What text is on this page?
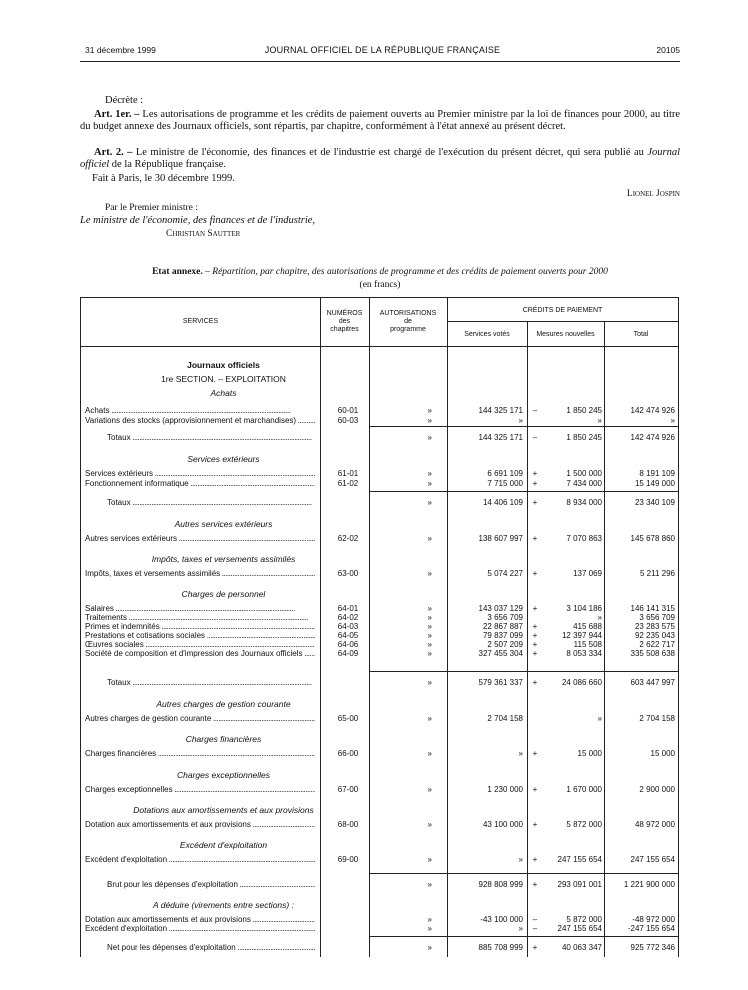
31 décembre 1999	JOURNAL OFFICIEL DE LA RÉPUBLIQUE FRANÇAISE	20105
Décrète :
Art. 1er. – Les autorisations de programme et les crédits de paiement ouverts au Premier ministre par la loi de finances pour 2000, au titre du budget annexe des Journaux officiels, sont répartis, par chapitre, conformément à l'état annexé au présent décret.
Art. 2. – Le ministre de l'économie, des finances et de l'industrie est chargé de l'exécution du présent décret, qui sera publié au Journal officiel de la République française.
Fait à Paris, le 30 décembre 1999.
Lionel Jospin
Par le Premier ministre :
Le ministre de l'économie, des finances et de l'industrie,
Christian Sautter
Etat annexe. – Répartition, par chapitre, des autorisations de programme et des crédits de paiement ouverts pour 2000
(en francs)
SERVICES
NUMÉROS
des
chapitres
AUTORISATIONS
de
programme
CRÉDITS DE PAIEMENT
Services votés	Mesures nouvelles	Total
Journaux officiels
1re SECTION. – EXPLOITATION
Achats
Services extérieurs
Autres services extérieurs
Impôts, taxes et versements assimilés
Charges de personnel
Autres charges de gestion courante
Charges financières
Charges exceptionnelles
Dotations aux amortissements et aux provisions
Excédent d'exploitation
A déduire (virements entre sections) :
Achats .....	60-01	»	144 325 171 –	1 850 245	142 474 926
Variations des stocks (approvisionnement et marchandises) .....	60-03	»	»	»	»
Totaux .....	»	144 325 171 –	1 850 245	142 474 926
Services extérieurs .....	61-01	»	6 691 109 +	1 500 000	8 191 109
Fonctionnement informatique .....	61-02	»	7 715 000 +	7 434 000	15 149 000
Totaux .....	»	14 406 109 +	8 934 000	23 340 109
Autres services extérieurs .....	62-02	»	138 607 997 +	7 070 863	145 678 860
Impôts, taxes et versements assimilés .....	63-00	»	5 074 227 +	137 069	5 211 296
Salaires .....	64-01	»	143 037 129 +	3 104 186	146 141 315
Traitements .....	64-02	»	3 656 709	»	3 656 709
Primes et indemnités .....	64-03	»	22 867 887 +	415 688	23 283 575
Prestations et cotisations sociales .....	64-05	»	79 837 099 +	12 397 944	92 235 043
Œuvres sociales .....	64-06	»	2 507 209 +	115 508	2 622 717
Société de composition et d'impression des Journaux officiels .....	64-09	»	327 455 304 +	8 053 334	335 508 638
Totaux .....	»	579 361 337 +	24 086 660	603 447 997
Autres charges de gestion courante .....	65-00	»	2 704 158	»	2 704 158
Charges financières .....	66-00	»	» +	15 000	15 000
Charges exceptionnelles .....	67-00	»	1 230 000 +	1 670 000	2 900 000
Dotation aux amortissements et aux provisions .....	68-00	»	43 100 000 +	5 872 000	48 972 000
Excédent d'exploitation .....	69-00	»	» +	247 155 654	247 155 654
Brut pour les dépenses d'exploitation .....	»	928 808 999 +	293 091 001	1 221 900 000
Dotation aux amortissements et aux provisions .....	»	-43 100 000 –	5 872 000	-48 972 000
Excédent d'exploitation .....	»	» –	247 155 654	-247 155 654
Net pour les dépenses d'exploitation .....	»	885 708 999 +	40 063 347	925 772 346
